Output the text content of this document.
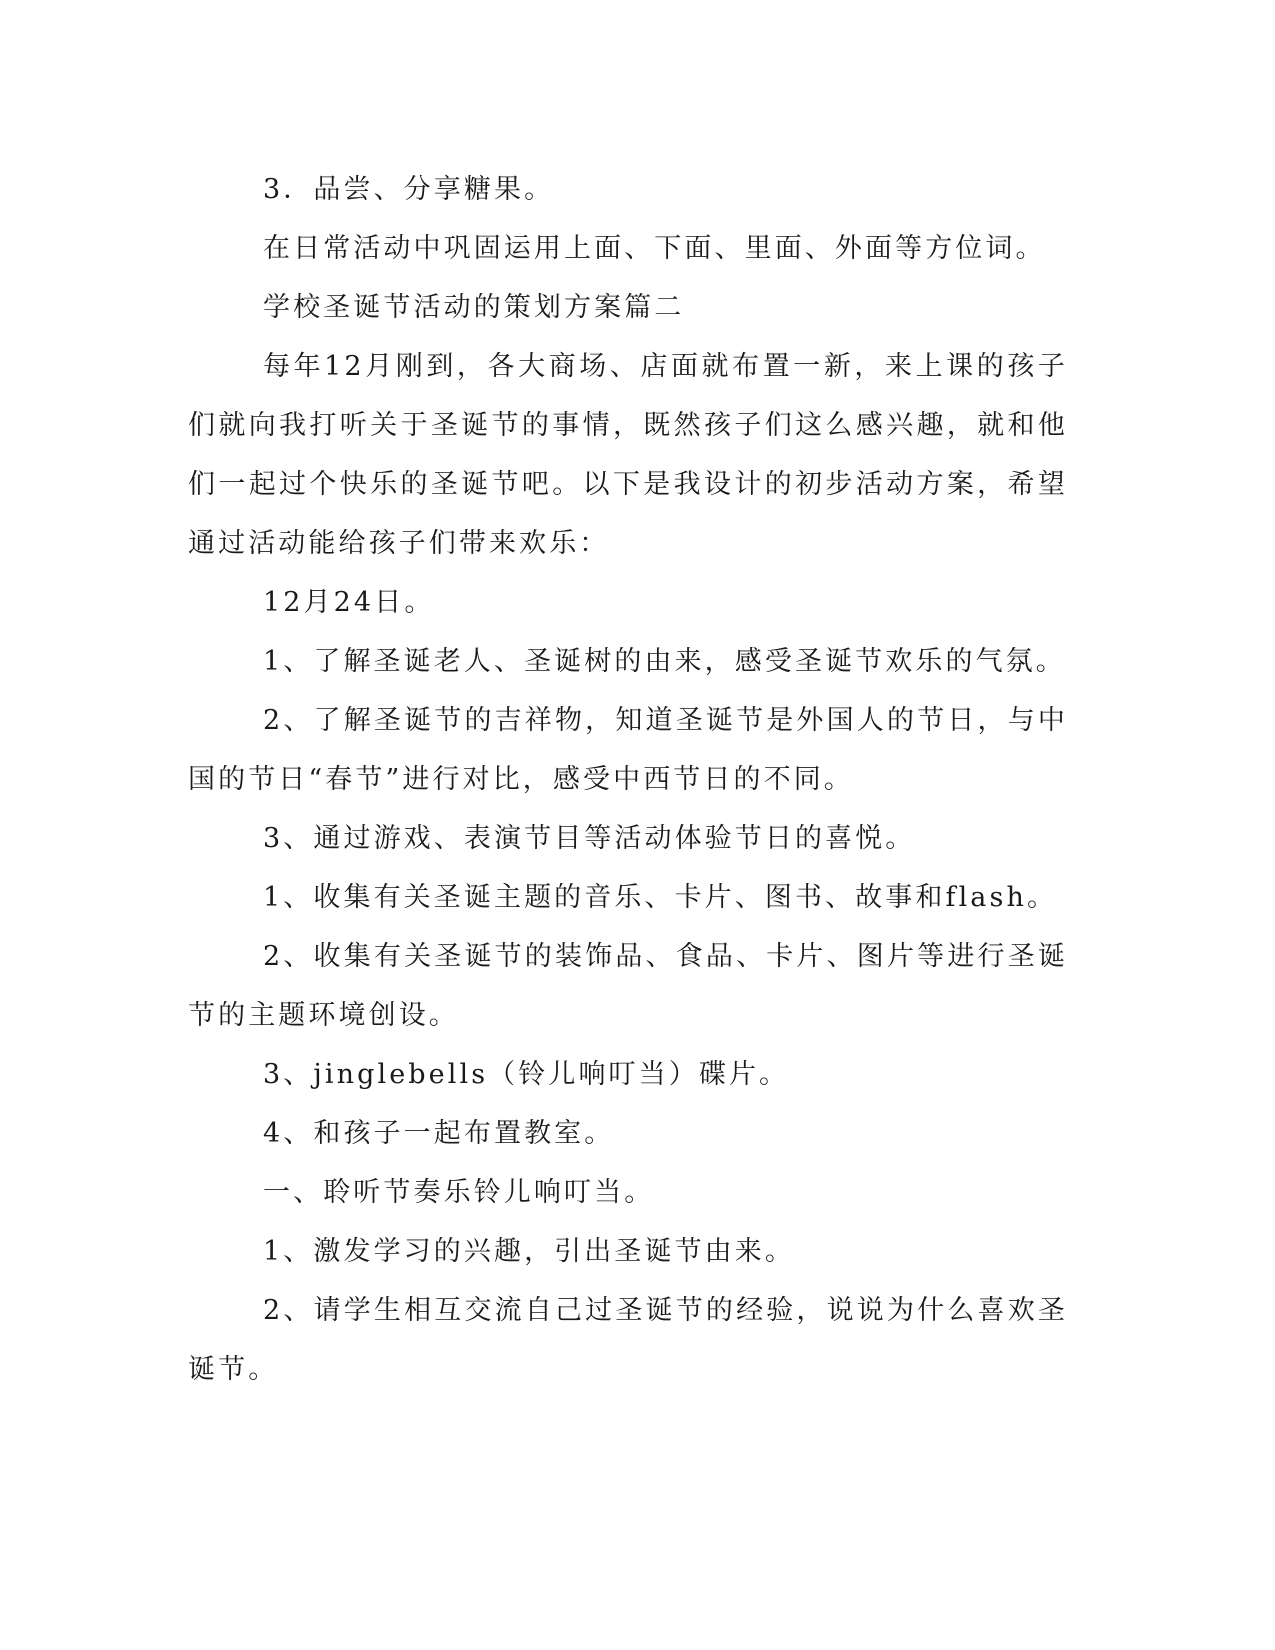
3．品尝、分享糖果。

在日常活动中巩固运用上面、下面、里面、外面等方位词。

学校圣诞节活动的策划方案篇二

每年12月刚到，各大商场、店面就布置一新，来上课的孩子们就向我打听关于圣诞节的事情，既然孩子们这么感兴趣，就和他们一起过个快乐的圣诞节吧。以下是我设计的初步活动方案，希望通过活动能给孩子们带来欢乐：

12月24日。

1、了解圣诞老人、圣诞树的由来，感受圣诞节欢乐的气氛。

2、了解圣诞节的吉祥物，知道圣诞节是外国人的节日，与中国的节日“春节”进行对比，感受中西节日的不同。

3、通过游戏、表演节目等活动体验节日的喜悦。

1、收集有关圣诞主题的音乐、卡片、图书、故事和flash。

2、收集有关圣诞节的装饰品、食品、卡片、图片等进行圣诞节的主题环境创设。

3、jinglebells（铃儿响叮当）碟片。

4、和孩子一起布置教室。

一、聆听节奏乐铃儿响叮当。

1、激发学习的兴趣，引出圣诞节由来。

2、请学生相互交流自己过圣诞节的经验，说说为什么喜欢圣诞节。
